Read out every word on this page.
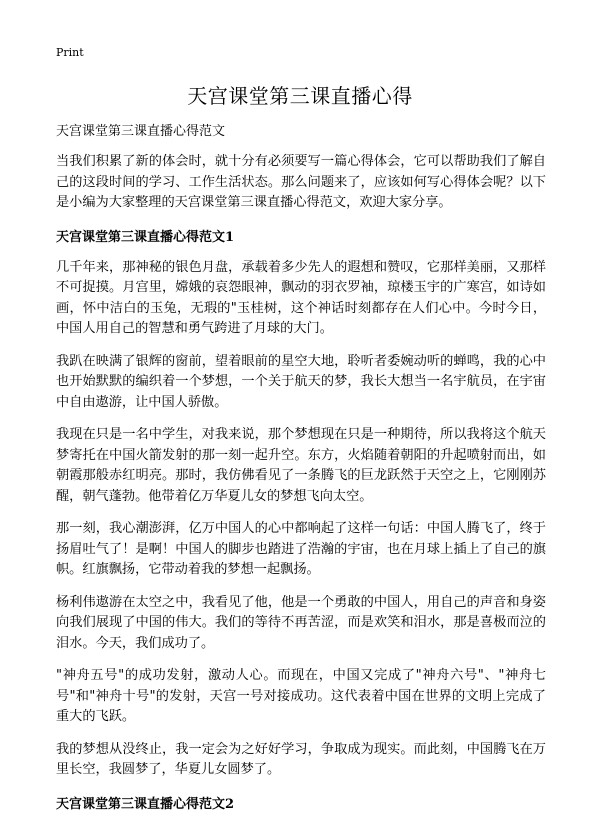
Print
天宫课堂第三课直播心得
天宫课堂第三课直播心得范文

当我们积累了新的体会时，就十分有必须要写一篇心得体会，它可以帮助我们了解自己的这段时间的学习、工作生活状态。那么问题来了，应该如何写心得体会呢？以下是小编为大家整理的天宫课堂第三课直播心得范文，欢迎大家分享。

天宫课堂第三课直播心得范文1

几千年来，那神秘的银色月盘，承载着多少先人的遐想和赞叹，它那样美丽，又那样不可捉摸。月宫里，嫦娥的哀怨眼神，飘动的羽衣罗袖，琼楼玉宇的广寒宫，如诗如画，怀中洁白的玉兔，无瑕的"玉桂树，这个神话时刻都存在人们心中。今时今日，中国人用自己的智慧和勇气跨进了月球的大门。

我趴在映满了银辉的窗前，望着眼前的星空大地，聆听者委婉动听的蝉鸣，我的心中也开始默默的编织着一个梦想，一个关于航天的梦，我长大想当一名宇航员，在宇宙中自由遨游，让中国人骄傲。

我现在只是一名中学生，对我来说，那个梦想现在只是一种期待，所以我将这个航天梦寄托在中国火箭发射的那一刻一起升空。东方，火焰随着朝阳的升起喷射而出，如朝霞那般赤红明亮。那时，我仿佛看见了一条腾飞的巨龙跃然于天空之上，它刚刚苏醒，朝气蓬勃。他带着亿万华夏儿女的梦想飞向太空。

那一刻，我心潮澎湃，亿万中国人的心中都响起了这样一句话：中国人腾飞了，终于扬眉吐气了！是啊！中国人的脚步也踏进了浩瀚的宇宙，也在月球上插上了自己的旗帜。红旗飘扬，它带动着我的梦想一起飘扬。

杨利伟遨游在太空之中，我看见了他，他是一个勇敢的中国人，用自己的声音和身姿向我们展现了中国的伟大。我们的等待不再苦涩，而是欢笑和泪水，那是喜极而泣的泪水。今天，我们成功了。

"神舟五号"的成功发射，激动人心。而现在，中国又完成了"神舟六号"、"神舟七号"和"神舟十号"的发射，天宫一号对接成功。这代表着中国在世界的文明上完成了重大的飞跃。

我的梦想从没终止，我一定会为之好好学习，争取成为现实。而此刻，中国腾飞在万里长空，我圆梦了，华夏儿女圆梦了。

天宫课堂第三课直播心得范文2
